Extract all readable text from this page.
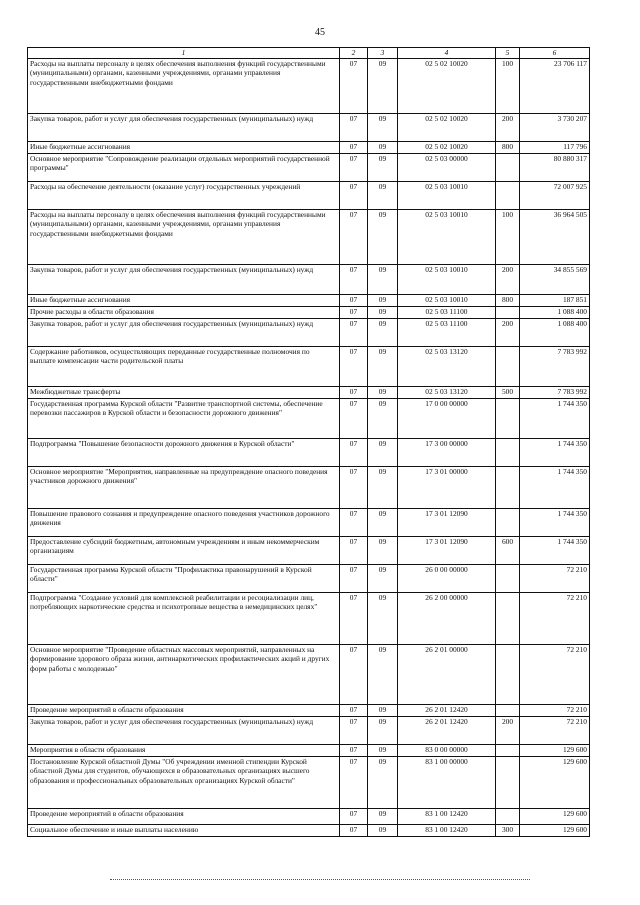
45
1	2	3	4	5	6
Расходы на выплаты персоналу в целях обеспечения выполнения функций государственными (муниципальными) органами, казенными учреждениями, органами управления государственными внебюджетными фондами	07	09	02 5 02 10020	100	23 706 117
Закупка товаров, работ и услуг для обеспечения государственных (муниципальных) нужд	07	09	02 5 02 10020	200	3 730 207
Иные бюджетные ассигнования	07	09	02 5 02 10020	800	117 796
Основное мероприятие "Сопровождение реализации отдельных мероприятий государственной программы"	07	09	02 5 03 00000		80 880 317
Расходы на обеспечение деятельности (оказание услуг) государственных учреждений	07	09	02 5 03 10010		72 007 925
Расходы на выплаты персоналу в целях обеспечения выполнения функций государственными (муниципальными) органами, казенными учреждениями, органами управления государственными внебюджетными фондами	07	09	02 5 03 10010	100	36 964 505
Закупка товаров, работ и услуг для обеспечения государственных (муниципальных) нужд	07	09	02 5 03 10010	200	34 855 569
Иные бюджетные ассигнования	07	09	02 5 03 10010	800	187 851
Прочие расходы в области образования	07	09	02 5 03 11100		1 088 400
Закупка товаров, работ и услуг для обеспечения государственных (муниципальных) нужд	07	09	02 5 03 11100	200	1 088 400
Содержание работников, осуществляющих переданные государственные полномочия по выплате компенсации части родительской платы	07	09	02 5 03 13120		7 783 992
Межбюджетные трансферты	07	09	02 5 03 13120	500	7 783 992
Государственная программа Курской области "Развитие транспортной системы, обеспечение перевозки пассажиров в Курской области и безопасности дорожного движения"	07	09	17 0 00 00000		1 744 350
Подпрограмма "Повышение безопасности дорожного движения в Курской области"	07	09	17 3 00 00000		1 744 350
Основное мероприятие "Мероприятия, направленные на предупреждение опасного поведения участников дорожного движения"	07	09	17 3 01 00000		1 744 350
Повышение правового сознания и предупреждение опасного поведения участников дорожного движения	07	09	17 3 01 12090		1 744 350
Предоставление субсидий бюджетным, автономным учреждениям и иным некоммерческим организациям	07	09	17 3 01 12090	600	1 744 350
Государственная программа Курской области "Профилактика правонарушений в Курской области"	07	09	26 0 00 00000		72 210
Подпрограмма "Создание условий для комплексной реабилитации и ресоциализации лиц, потребляющих наркотические средства и психотропные вещества в немедицинских целях"	07	09	26 2 00 00000		72 210
Основное мероприятие "Проведение областных массовых мероприятий, направленных на формирование здорового образа жизни, антинаркотических профилактических акций и других форм работы с молодежью"	07	09	26 2 01 00000		72 210
Проведение мероприятий в области образования	07	09	26 2 01 12420		72 210
Закупка товаров, работ и услуг для обеспечения государственных (муниципальных) нужд	07	09	26 2 01 12420	200	72 210
Мероприятия в области образования	07	09	83 0 00 00000		129 600
Постановление Курской областной Думы "Об учреждении именной стипендии Курской областной Думы для студентов, обучающихся в образовательных организациях высшего образования и профессиональных образовательных организациях Курской области"	07	09	83 1 00 00000		129 600
Проведение мероприятий в области образования	07	09	83 1 00 12420		129 600
Социальное обеспечение и иные выплаты населению	07	09	83 1 00 12420	300	129 600
